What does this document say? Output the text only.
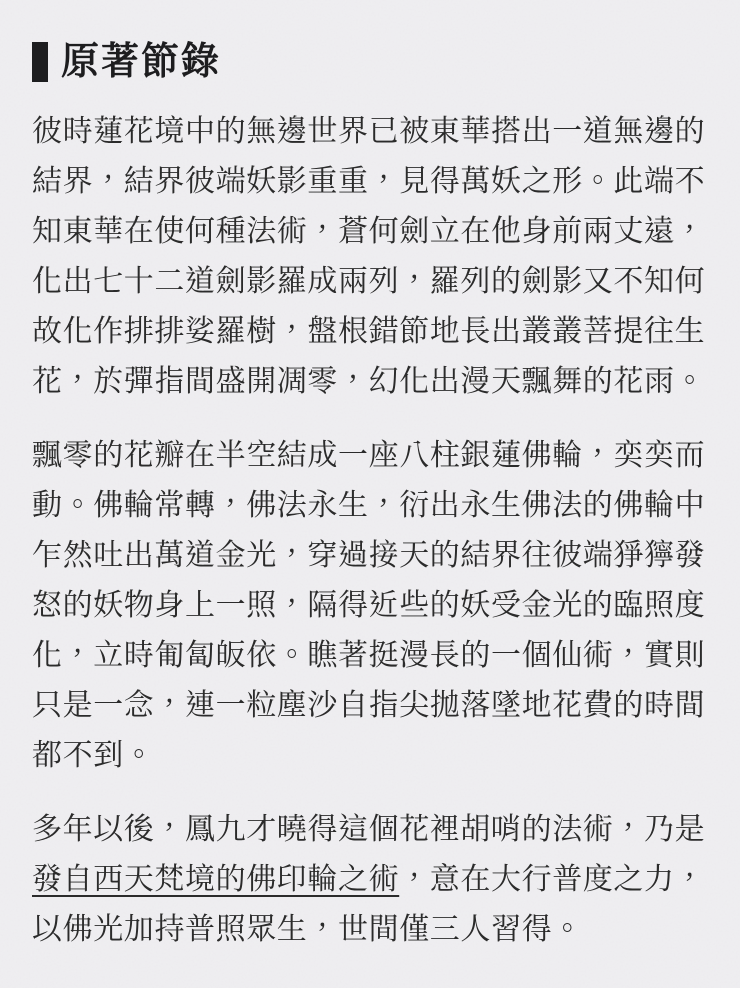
原著節錄

彼時蓮花境中的無邊世界已被東華搭出一道無邊的結界，結界彼端妖影重重，見得萬妖之形。此端不知東華在使何種法術，蒼何劍立在他身前兩丈遠，化出七十二道劍影羅成兩列，羅列的劍影又不知何故化作排排娑羅樹，盤根錯節地長出叢叢菩提往生花，於彈指間盛開凋零，幻化出漫天飄舞的花雨。

飄零的花瓣在半空結成一座八柱銀蓮佛輪，奕奕而動。佛輪常轉，佛法永生，衍出永生佛法的佛輪中乍然吐出萬道金光，穿過接天的結界往彼端猙獰發怒的妖物身上一照，隔得近些的妖受金光的臨照度化，立時匍匐皈依。瞧著挺漫長的一個仙術，實則只是一念，連一粒塵沙自指尖拋落墜地花費的時間都不到。

多年以後，鳳九才曉得這個花裡胡哨的法術，乃是發自西天梵境的佛印輪之術，意在大行普度之力，以佛光加持普照眾生，世間僅三人習得。
